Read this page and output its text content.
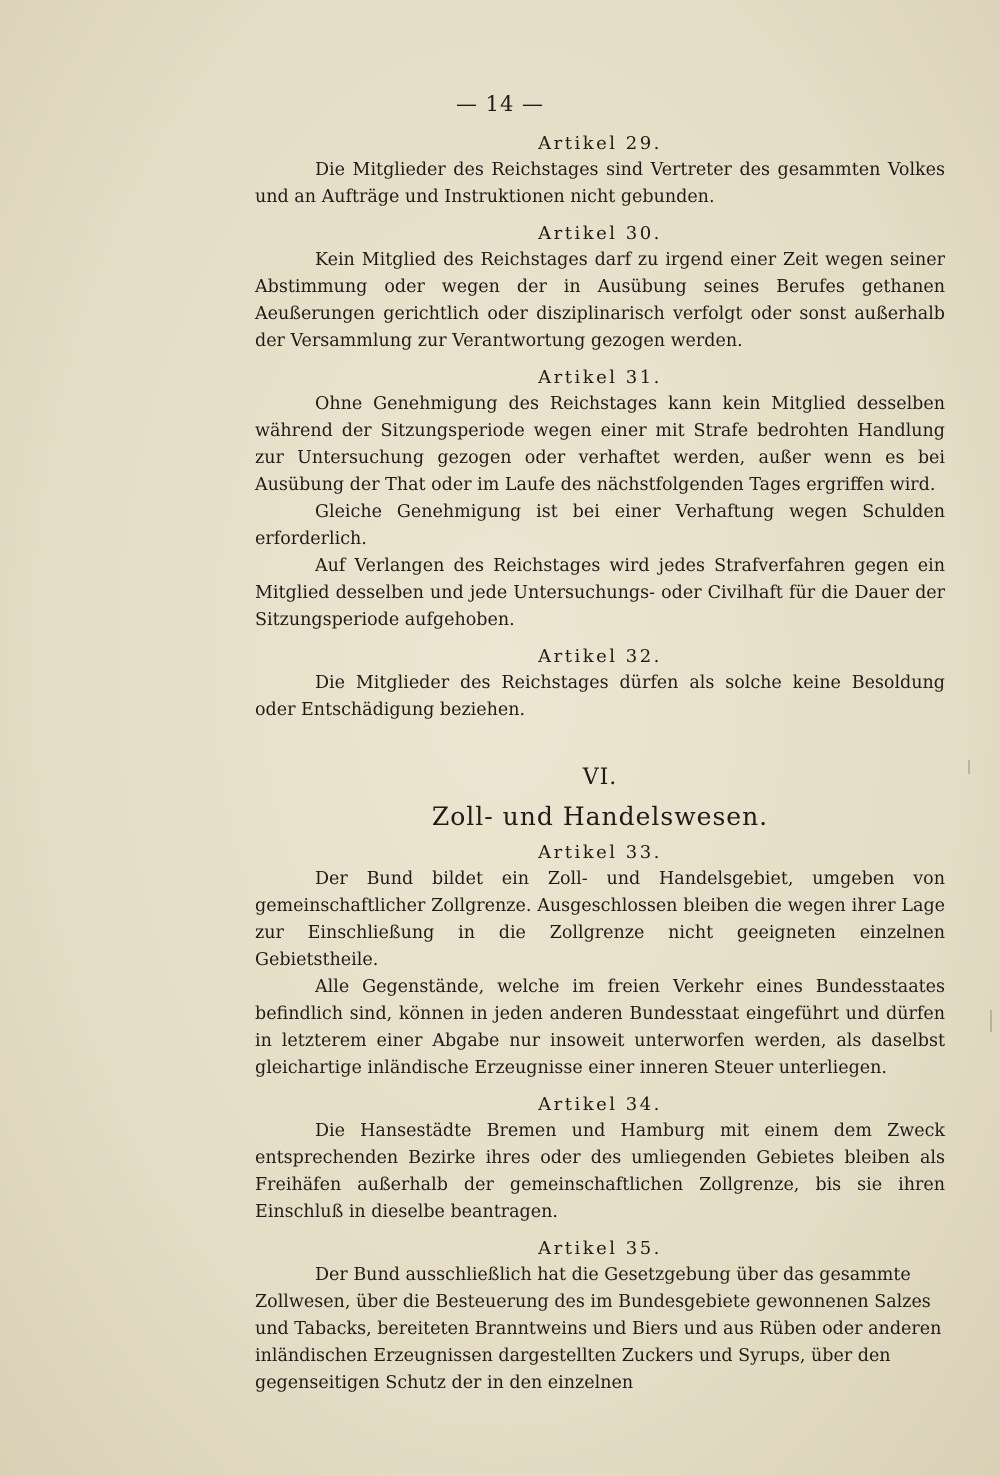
— 14 —
Artikel 29.

Die Mitglieder des Reichstages sind Vertreter des gesammten Volkes und an Aufträge und Instruktionen nicht gebunden.

Artikel 30.

Kein Mitglied des Reichstages darf zu irgend einer Zeit wegen seiner Abstimmung oder wegen der in Ausübung seines Berufes gethanen Aeußerungen gerichtlich oder disziplinarisch verfolgt oder sonst außerhalb der Versammlung zur Verantwortung gezogen werden.

Artikel 31.

Ohne Genehmigung des Reichstages kann kein Mitglied desselben während der Sitzungsperiode wegen einer mit Strafe bedrohten Handlung zur Untersuchung gezogen oder verhaftet werden, außer wenn es bei Ausübung der That oder im Laufe des nächstfolgenden Tages ergriffen wird.

Gleiche Genehmigung ist bei einer Verhaftung wegen Schulden erforderlich.

Auf Verlangen des Reichstages wird jedes Strafverfahren gegen ein Mitglied desselben und jede Untersuchungs- oder Civilhaft für die Dauer der Sitzungsperiode aufgehoben.

Artikel 32.

Die Mitglieder des Reichstages dürfen als solche keine Besoldung oder Entschädigung beziehen.

VI.
Zoll- und Handelswesen.
Artikel 33.

Der Bund bildet ein Zoll- und Handelsgebiet, umgeben von gemeinschaftlicher Zollgrenze. Ausgeschlossen bleiben die wegen ihrer Lage zur Einschließung in die Zollgrenze nicht geeigneten einzelnen Gebietstheile.

Alle Gegenstände, welche im freien Verkehr eines Bundesstaates befindlich sind, können in jeden anderen Bundesstaat eingeführt und dürfen in letzterem einer Abgabe nur insoweit unterworfen werden, als daselbst gleichartige inländische Erzeugnisse einer inneren Steuer unterliegen.

Artikel 34.

Die Hansestädte Bremen und Hamburg mit einem dem Zweck entsprechenden Bezirke ihres oder des umliegenden Gebietes bleiben als Freihäfen außerhalb der gemeinschaftlichen Zollgrenze, bis sie ihren Einschluß in dieselbe beantragen.

Artikel 35.

Der Bund ausschließlich hat die Gesetzgebung über das gesammte Zollwesen, über die Besteuerung des im Bundesgebiete gewonnenen Salzes und Tabacks, bereiteten Branntweins und Biers und aus Rüben oder anderen inländischen Erzeugnissen dargestellten Zuckers und Syrups, über den gegenseitigen Schutz der in den einzelnen
